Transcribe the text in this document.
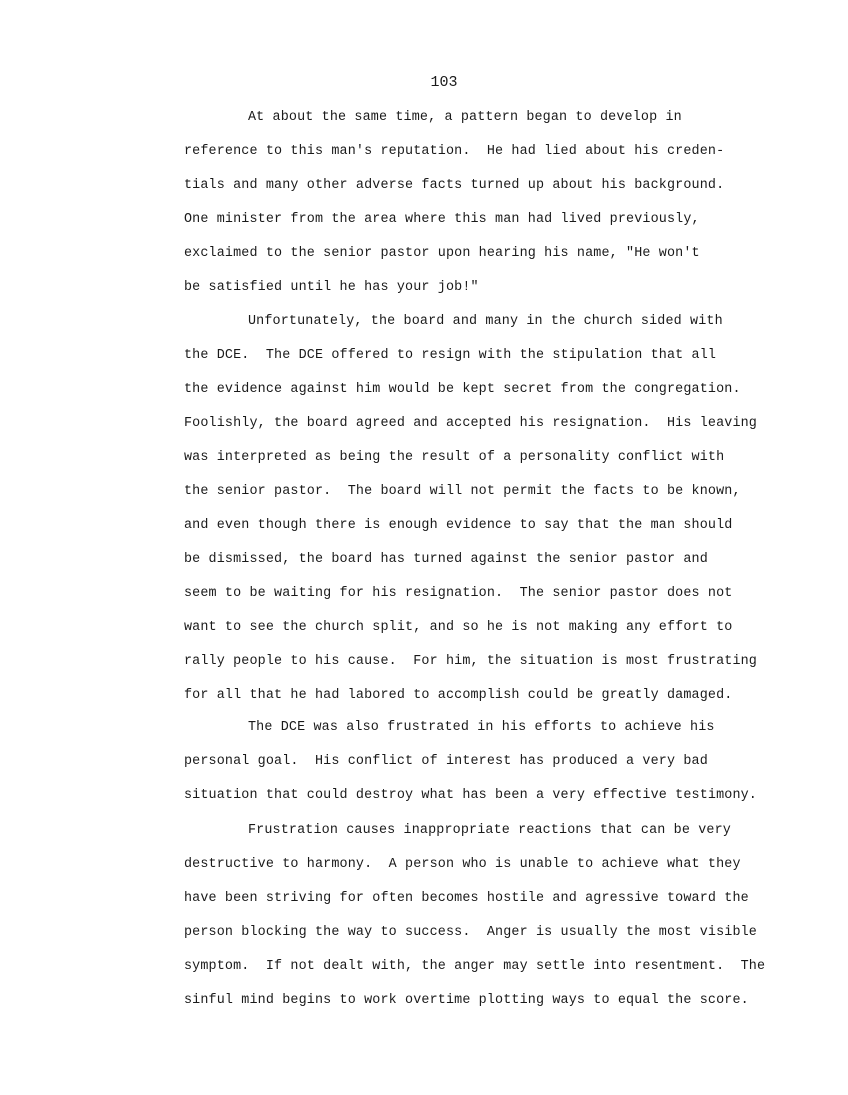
103
At about the same time, a pattern began to develop in
reference to this man's reputation.  He had lied about his creden-
tials and many other adverse facts turned up about his background.
One minister from the area where this man had lived previously,
exclaimed to the senior pastor upon hearing his name, "He won't
be satisfied until he has your job!"
Unfortunately, the board and many in the church sided with
the DCE.  The DCE offered to resign with the stipulation that all
the evidence against him would be kept secret from the congregation.
Foolishly, the board agreed and accepted his resignation.  His leaving
was interpreted as being the result of a personality conflict with
the senior pastor.  The board will not permit the facts to be known,
and even though there is enough evidence to say that the man should
be dismissed, the board has turned against the senior pastor and
seem to be waiting for his resignation.  The senior pastor does not
want to see the church split, and so he is not making any effort to
rally people to his cause.  For him, the situation is most frustrating
for all that he had labored to accomplish could be greatly damaged.
The DCE was also frustrated in his efforts to achieve his
personal goal.  His conflict of interest has produced a very bad
situation that could destroy what has been a very effective testimony.
Frustration causes inappropriate reactions that can be very
destructive to harmony.  A person who is unable to achieve what they
have been striving for often becomes hostile and agressive toward the
person blocking the way to success.  Anger is usually the most visible
symptom.  If not dealt with, the anger may settle into resentment.  The
sinful mind begins to work overtime plotting ways to equal the score.
